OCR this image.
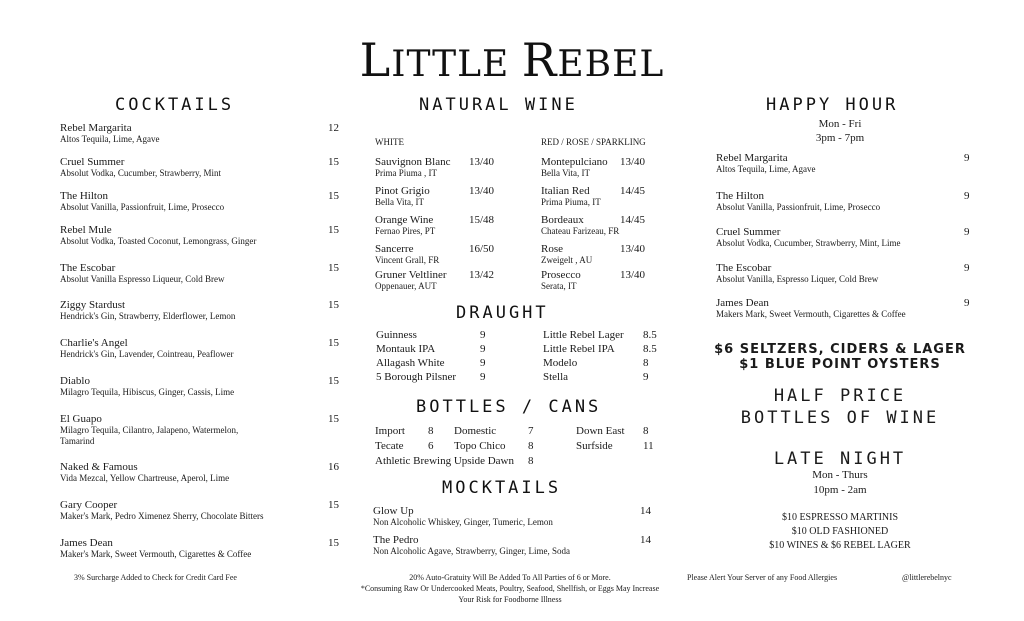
LITTLE REBEL
COCKTAILS
Rebel Margarita
Altos Tequila, Lime, Agave
12
Cruel Summer
Absolut Vodka, Cucumber, Strawberry, Mint
15
The Hilton
Absolut Vanilla, Passionfruit, Lime, Prosecco
15
Rebel Mule
Absolut Vodka, Toasted Coconut, Lemongrass, Ginger
15
The Escobar
Absolut Vanilla Espresso Liqueur, Cold Brew
15
Ziggy Stardust
Hendrick's Gin, Strawberry, Elderflower, Lemon
15
Charlie's Angel
Hendrick's Gin, Lavender, Cointreau, Peaflower
15
Diablo
Milagro Tequila, Hibiscus, Ginger, Cassis, Lime
15
El Guapo
Milagro Tequila, Cilantro, Jalapeno, Watermelon,
Tamarind
15
Naked & Famous
Vida Mezcal, Yellow Chartreuse, Aperol, Lime
16
Gary Cooper
Maker's Mark, Pedro Ximenez Sherry, Chocolate Bitters
15
James Dean
Maker's Mark, Sweet Vermouth, Cigarettes & Coffee
15
3% Surcharge Added to Check for Credit Card Fee
NATURAL WINE
WHITE	RED / ROSE / SPARKLING
Sauvignon Blanc
Prima Piuma , IT
13/40
Pinot Grigio
Bella Vita, IT
13/40
Orange Wine
Fernao Pires, PT
15/48
Sancerre
Vincent Grall, FR
16/50
Gruner Veltliner
Oppenauer, AUT
13/42
Montepulciano
Bella Vita, IT
13/40
Italian Red
Prima Piuma, IT
14/45
Bordeaux
Chateau Farizeau, FR
14/45
Rose
Zweigelt , AU
13/40
Prosecco
Serata, IT
13/40
DRAUGHT
Guinness	9
Montauk IPA	9
Allagash White	9
5 Borough Pilsner 9
Little Rebel Lager 8.5
Little Rebel IPA	8.5
Modelo	8
Stella	9
BOTTLES / CANS
Import 8 Domestic	7	Down East 8
Tecate 6 Topo Chico 8	Surfside	11
Athletic Brewing Upside Dawn 8
MOCKTAILS
Glow Up
Non Alcoholic Whiskey, Ginger, Tumeric, Lemon
14
The Pedro
Non Alcoholic Agave, Strawberry, Ginger, Lime, Soda
14
20% Auto-Gratuity Will Be Added To All Parties of 6 or More.
*Consuming Raw Or Undercooked Meats, Poultry, Seafood, Shellfish, or Eggs May Increase
Your Risk for Foodborne Illness
HAPPY HOUR
Mon - Fri
3pm - 7pm
Rebel Margarita
Altos Tequila, Lime, Agave
9
The Hilton
Absolut Vanilla, Passionfruit, Lime, Prosecco
9
Cruel Summer
Absolut Vodka, Cucumber, Strawberry, Mint, Lime
9
The Escobar
Absolut Vanilla, Espresso Liquer, Cold Brew
9
James Dean
Makers Mark, Sweet Vermouth, Cigarettes & Coffee
9
$6 SELTZERS, CIDERS & LAGER
$1 BLUE POINT OYSTERS
HALF PRICE
BOTTLES OF WINE
LATE NIGHT
Mon - Thurs
10pm - 2am
$10 ESPRESSO MARTINIS
$10 OLD FASHIONED
$10 WINES & $6 REBEL LAGER
Please Alert Your Server of any Food Allergies	@littlerebelnyc
